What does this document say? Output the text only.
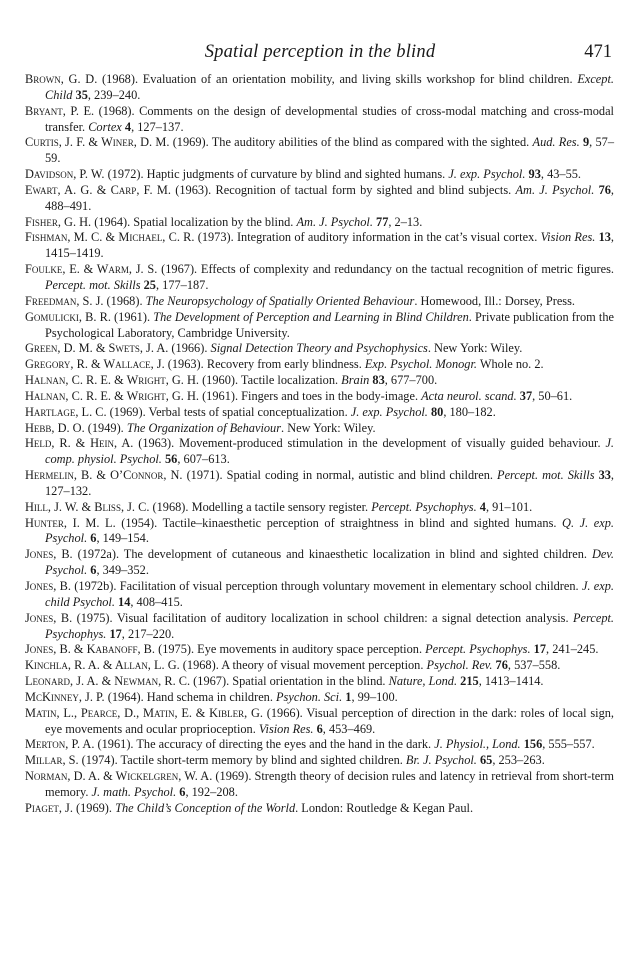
Spatial perception in the blind	471

Brown, G. D. (1968). Evaluation of an orientation mobility, and living skills workshop for blind children. Except. Child 35, 239–240.

Bryant, P. E. (1968). Comments on the design of developmental studies of cross-modal matching and cross-modal transfer. Cortex 4, 127–137.

Curtis, J. F. & Winer, D. M. (1969). The auditory abilities of the blind as compared with the sighted. Aud. Res. 9, 57–59.

Davidson, P. W. (1972). Haptic judgments of curvature by blind and sighted humans. J. exp. Psychol. 93, 43–55.

Ewart, A. G. & Carp, F. M. (1963). Recognition of tactual form by sighted and blind subjects. Am. J. Psychol. 76, 488–491.

Fisher, G. H. (1964). Spatial localization by the blind. Am. J. Psychol. 77, 2–13.

Fishman, M. C. & Michael, C. R. (1973). Integration of auditory information in the cat’s visual cortex. Vision Res. 13, 1415–1419.

Foulke, E. & Warm, J. S. (1967). Effects of complexity and redundancy on the tactual recognition of metric figures. Percept. mot. Skills 25, 177–187.

Freedman, S. J. (1968). The Neuropsychology of Spatially Oriented Behaviour. Homewood, Ill.: Dorsey, Press.

Gomulicki, B. R. (1961). The Development of Perception and Learning in Blind Children. Private publication from the Psychological Laboratory, Cambridge University.

Green, D. M. & Swets, J. A. (1966). Signal Detection Theory and Psychophysics. New York: Wiley.

Gregory, R. & Wallace, J. (1963). Recovery from early blindness. Exp. Psychol. Monogr. Whole no. 2.

Halnan, C. R. E. & Wright, G. H. (1960). Tactile localization. Brain 83, 677–700.

Halnan, C. R. E. & Wright, G. H. (1961). Fingers and toes in the body-image. Acta neurol. scand. 37, 50–61.

Hartlage, L. C. (1969). Verbal tests of spatial conceptualization. J. exp. Psychol. 80, 180–182.

Hebb, D. O. (1949). The Organization of Behaviour. New York: Wiley.

Held, R. & Hein, A. (1963). Movement-produced stimulation in the development of visually guided behaviour. J. comp. physiol. Psychol. 56, 607–613.

Hermelin, B. & O’Connor, N. (1971). Spatial coding in normal, autistic and blind children. Percept. mot. Skills 33, 127–132.

Hill, J. W. & Bliss, J. C. (1968). Modelling a tactile sensory register. Percept. Psychophys. 4, 91–101.

Hunter, I. M. L. (1954). Tactile–kinaesthetic perception of straightness in blind and sighted humans. Q. J. exp. Psychol. 6, 149–154.

Jones, B. (1972a). The development of cutaneous and kinaesthetic localization in blind and sighted children. Dev. Psychol. 6, 349–352.

Jones, B. (1972b). Facilitation of visual perception through voluntary movement in elementary school children. J. exp. child Psychol. 14, 408–415.

Jones, B. (1975). Visual facilitation of auditory localization in school children: a signal detection analysis. Percept. Psychophys. 17, 217–220.

Jones, B. & Kabanoff, B. (1975). Eye movements in auditory space perception. Percept. Psychophys. 17, 241–245.

Kinchla, R. A. & Allan, L. G. (1968). A theory of visual movement perception. Psychol. Rev. 76, 537–558.

Leonard, J. A. & Newman, R. C. (1967). Spatial orientation in the blind. Nature, Lond. 215, 1413–1414.

McKinney, J. P. (1964). Hand schema in children. Psychon. Sci. 1, 99–100.

Matin, L., Pearce, D., Matin, E. & Kibler, G. (1966). Visual perception of direction in the dark: roles of local sign, eye movements and ocular proprioception. Vision Res. 6, 453–469.

Merton, P. A. (1961). The accuracy of directing the eyes and the hand in the dark. J. Physiol., Lond. 156, 555–557.

Millar, S. (1974). Tactile short-term memory by blind and sighted children. Br. J. Psychol. 65, 253–263.

Norman, D. A. & Wickelgren, W. A. (1969). Strength theory of decision rules and latency in retrieval from short-term memory. J. math. Psychol. 6, 192–208.

Piaget, J. (1969). The Child’s Conception of the World. London: Routledge & Kegan Paul.
